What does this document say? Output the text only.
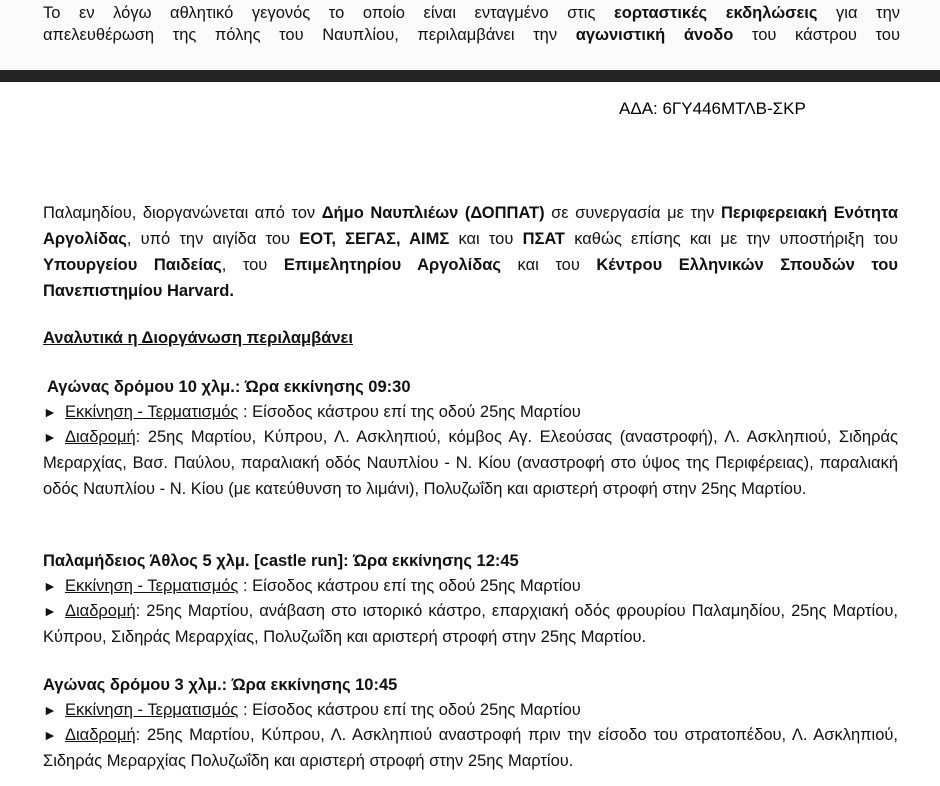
Το εν λόγω αθλητικό γεγονός το οποίο είναι ενταγμένο στις εορταστικές εκδηλώσεις για την

απελευθέρωση της πόλης του Ναυπλίου, περιλαμβάνει την αγωνιστική άνοδο του κάστρου του

ΑΔΑ: 6ΓΥ446ΜΤΛΒ-ΣΚΡ

Παλαμηδίου, διοργανώνεται από τον Δήμο Ναυπλιέων (ΔΟΠΠΑΤ) σε συνεργασία με την Περιφερειακή Ενότητα Αργολίδας, υπό την αιγίδα του ΕΟΤ, ΣΕΓΑΣ, ΑΙΜΣ και του ΠΣΑΤ καθώς επίσης και με την υποστήριξη του Υπουργείου Παιδείας, του Επιμελητηρίου Αργολίδας και του Κέντρου Ελληνικών Σπουδών του Πανεπιστημίου Harvard.

Αναλυτικά η Διοργάνωση περιλαμβάνει

Αγώνας δρόμου 10 χλμ.: Ώρα εκκίνησης 09:30

► Εκκίνηση - Τερματισμός : Είσοδος κάστρου επί της οδού 25ης Μαρτίου

► Διαδρομή: 25ης Μαρτίου, Κύπρου, Λ. Ασκληπιού, κόμβος Αγ. Ελεούσας (αναστροφή), Λ. Ασκληπιού, Σιδηράς Μεραρχίας, Βασ. Παύλου, παραλιακή οδός Ναυπλίου - Ν. Κίου (αναστροφή στο ύψος της Περιφέρειας), παραλιακή οδός Ναυπλίου - Ν. Κίου (με κατεύθυνση το λιμάνι), Πολυζωΐδη και αριστερή στροφή στην 25ης Μαρτίου.

Παλαμήδειος Άθλος 5 χλμ. [castle run]: Ώρα εκκίνησης 12:45

► Εκκίνηση - Τερματισμός : Είσοδος κάστρου επί της οδού 25ης Μαρτίου

► Διαδρομή: 25ης Μαρτίου, ανάβαση στο ιστορικό κάστρο, επαρχιακή οδός φρουρίου Παλαμηδίου, 25ης Μαρτίου, Κύπρου, Σιδηράς Μεραρχίας, Πολυζωΐδη και αριστερή στροφή στην 25ης Μαρτίου.

Αγώνας δρόμου 3 χλμ.: Ώρα εκκίνησης 10:45

► Εκκίνηση - Τερματισμός : Είσοδος κάστρου επί της οδού 25ης Μαρτίου

► Διαδρομή: 25ης Μαρτίου, Κύπρου, Λ. Ασκληπιού αναστροφή πριν την είσοδο του στρατοπέδου, Λ. Ασκληπιού, Σιδηράς Μεραρχίας Πολυζωΐδη και αριστερή στροφή στην 25ης Μαρτίου.
